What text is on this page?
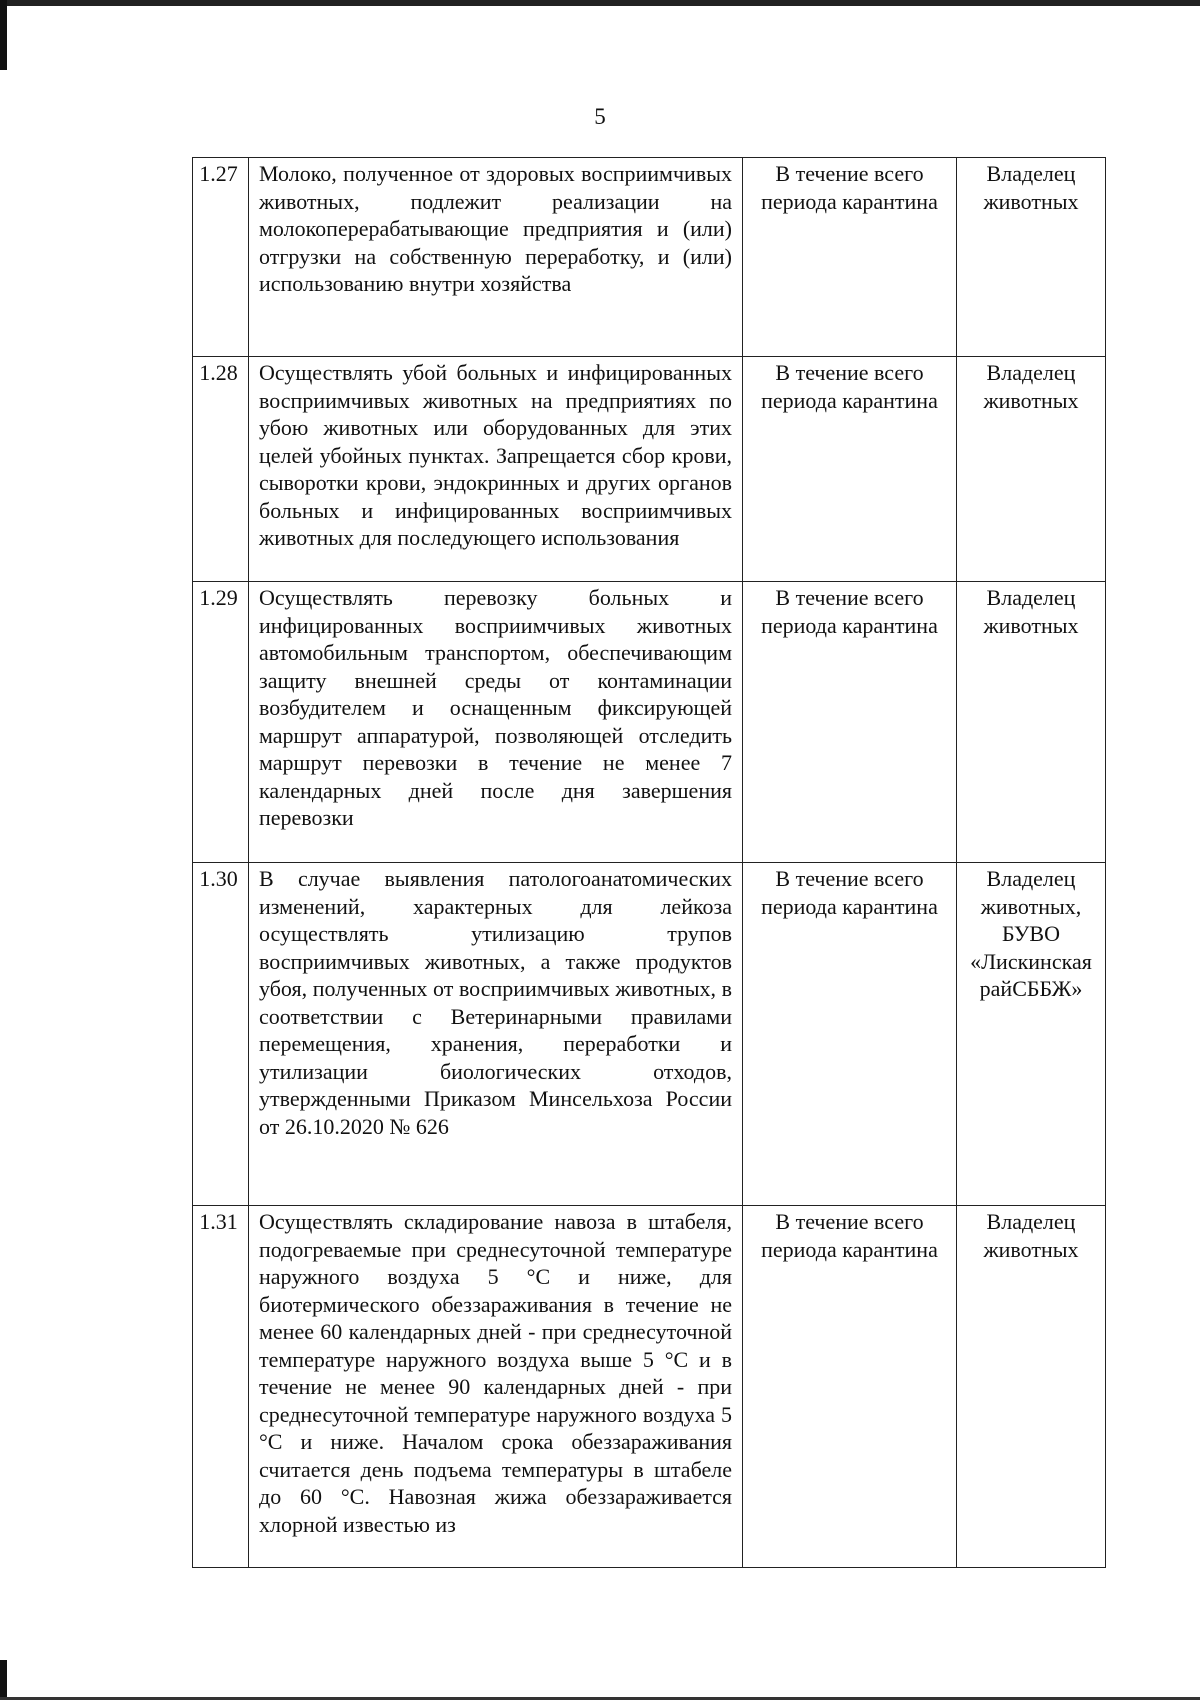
5
1.27	Молоко, полученное от здоровых восприимчивых животных, подлежит реализации на молокоперерабатывающие предприятия и (или) отгрузки на собственную переработку, и (или) использованию внутри хозяйства	В течение всего периода карантина	Владелец животных
1.28	Осуществлять убой больных и инфицированных восприимчивых животных на предприятиях по убою животных или оборудованных для этих целей убойных пунктах. Запрещается сбор крови, сыворотки крови, эндокринных и других органов больных и инфицированных восприимчивых животных для последующего использования	В течение всего периода карантина	Владелец животных
1.29	Осуществлять перевозку больных и инфицированных восприимчивых животных автомобильным транспортом, обеспечивающим защиту внешней среды от контаминации возбудителем и оснащенным фиксирующей маршрут аппаратурой, позволяющей отследить маршрут перевозки в течение не менее 7 календарных дней после дня завершения перевозки	В течение всего периода карантина	Владелец животных
1.30	В случае выявления патологоанатомических изменений, характерных для лейкоза осуществлять утилизацию трупов восприимчивых животных, а также продуктов убоя, полученных от восприимчивых животных, в соответствии с Ветеринарными правилами перемещения, хранения, переработки и утилизации биологических отходов, утвержденными Приказом Минсельхоза России от 26.10.2020 № 626	В течение всего периода карантина	Владелец животных, БУВО «Лискинская райСББЖ»
1.31	Осуществлять складирование навоза в штабеля, подогреваемые при среднесуточной температуре наружного воздуха 5 °С и ниже, для биотермического обеззараживания в течение не менее 60 календарных дней - при среднесуточной температуре наружного воздуха выше 5 °С и в течение не менее 90 календарных дней - при среднесуточной температуре наружного воздуха 5 °С и ниже. Началом срока обеззараживания считается день подъема температуры в штабеле до 60 °С. Навозная жижа обеззараживается хлорной известью из	В течение всего периода карантина	Владелец животных
